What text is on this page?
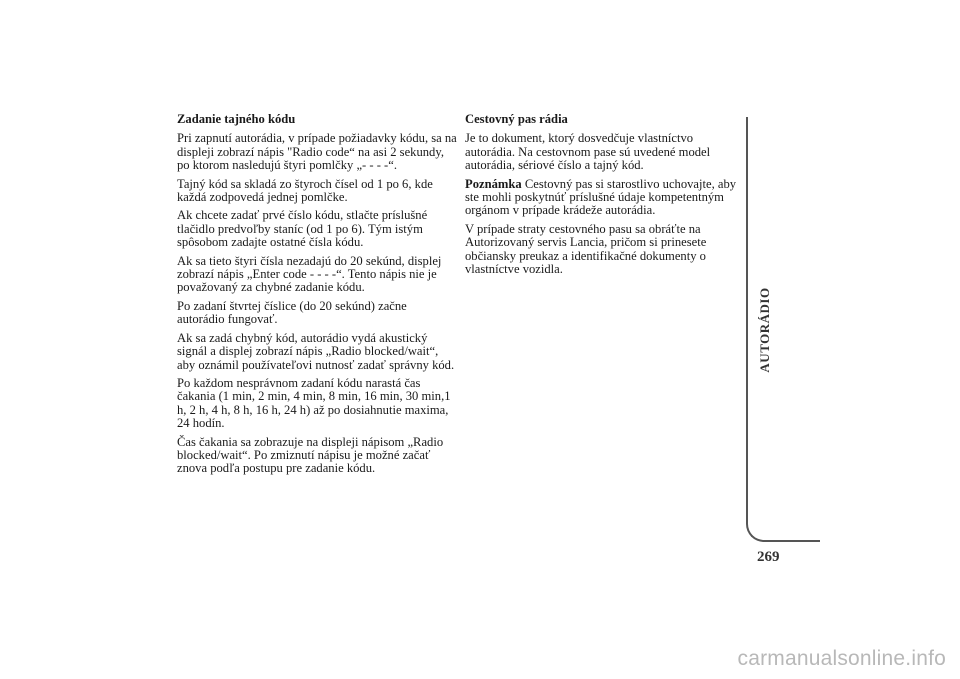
Zadanie tajného kódu
Pri zapnutí autorádia, v prípade požiadavky kódu, sa na displeji zobrazí nápis "Radio code“ na asi 2 sekundy, po ktorom nasledujú štyri pomlčky „- - - -“.
Tajný kód sa skladá zo štyroch čísel od 1 po 6, kde každá zodpovedá jednej pomlčke.
Ak chcete zadať prvé číslo kódu, stlačte príslušné tlačidlo predvoľby staníc (od 1 po 6). Tým istým spôsobom zadajte ostatné čísla kódu.
Ak sa tieto štyri čísla nezadajú do 20 sekúnd, displej zobrazí nápis „Enter code - - - -“. Tento nápis nie je považovaný za chybné zadanie kódu.
Po zadaní štvrtej číslice (do 20 sekúnd) začne autorádio fungovať.
Ak sa zadá chybný kód, autorádio vydá akustický signál a displej zobrazí nápis „Radio blocked/wait“, aby oznámil používateľovi nutnosť zadať správny kód.
Po každom nesprávnom zadaní kódu narastá čas čakania (1 min, 2 min, 4 min, 8 min, 16 min, 30 min,1 h, 2 h, 4 h, 8 h, 16 h, 24 h) až po dosiahnutie maxima, 24 hodín.
Čas čakania sa zobrazuje na displeji nápisom „Radio blocked/wait“. Po zmiznutí nápisu je možné začať znova podľa postupu pre zadanie kódu.
Cestovný pas rádia
Je to dokument, ktorý dosvedčuje vlastníctvo autorádia. Na cestovnom pase sú uvedené model autorádia, sériové číslo a tajný kód.
Poznámka Cestovný pas si starostlivo uchovajte, aby ste mohli poskytnúť príslušné údaje kompetentným orgánom v prípade krádeže autorádia.
V prípade straty cestovného pasu sa obráťte na Autorizovaný servis Lancia, pričom si prinesete občiansky preukaz a identifikačné dokumenty o vlastníctve vozidla.
AUTORÁDIO
269
carmanualsonline.info
